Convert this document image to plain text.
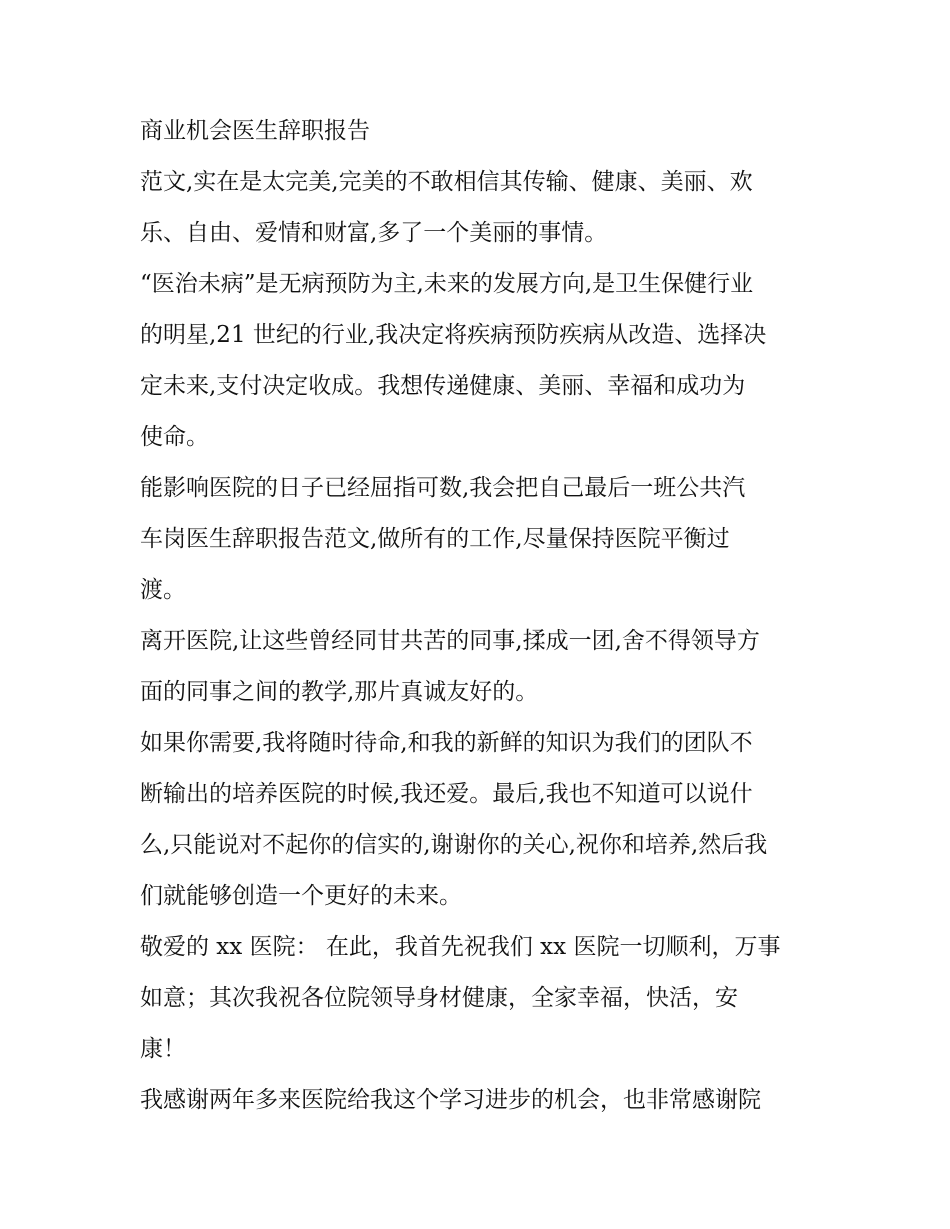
商业机会医生辞职报告

范文,实在是太完美,完美的不敢相信其传输、健康、美丽、欢
乐、自由、爱情和财富,多了一个美丽的事情。

“医治未病”是无病预防为主,未来的发展方向,是卫生保健行业
的明星,21 世纪的行业,我决定将疾病预防疾病从改造、选择决
定未来,支付决定收成。我想传递健康、美丽、幸福和成功为
使命。

能影响医院的日子已经屈指可数,我会把自己最后一班公共汽
车岗医生辞职报告范文,做所有的工作,尽量保持医院平衡过
渡。

离开医院,让这些曾经同甘共苦的同事,揉成一团,舍不得领导方
面的同事之间的教学,那片真诚友好的。

如果你需要,我将随时待命,和我的新鲜的知识为我们的团队不
断输出的培养医院的时候,我还爱。最后,我也不知道可以说什
么,只能说对不起你的信实的,谢谢你的关心,祝你和培养,然后我
们就能够创造一个更好的未来。

敬爱的 xx 医院： 在此，我首先祝我们 xx 医院一切顺利，万事
如意；其次我祝各位院领导身材健康，全家幸福，快活，安
康！

我感谢两年多来医院给我这个学习进步的机会，也非常感谢院
